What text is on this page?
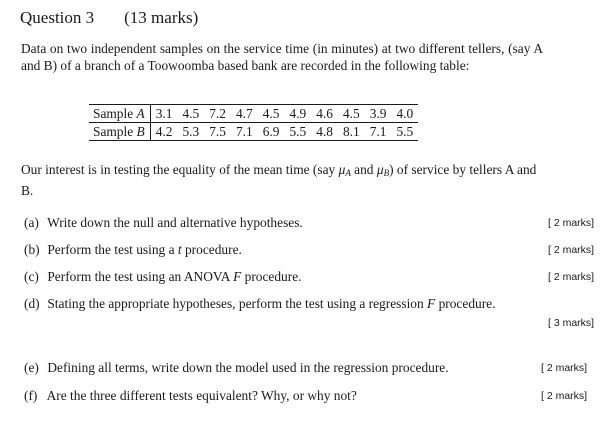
Question 3 (13 marks)
Data on two independent samples on the service time (in minutes) at two different tellers, (say A and B) of a branch of a Toowoomba based bank are recorded in the following table:
Sample A	3.1	4.5	7.2	4.7	4.5	4.9	4.6	4.5	3.9	4.0
Sample B	4.2	5.3	7.5	7.1	6.9	5.5	4.8	8.1	7.1	5.5
Our interest is in testing the equality of the mean time (say $\mu_A$ and $\mu_B$) of service by tellers A and B.
(a) Write down the null and alternative hypotheses.	[ 2 marks]
(b) Perform the test using a t procedure.	[ 2 marks]
(c) Perform the test using an ANOVA F procedure.	[ 2 marks]
(d) Stating the appropriate hypotheses, perform the test using a regression F procedure.
[ 3 marks]
(e) Defining all terms, write down the model used in the regression procedure.	[ 2 marks]
(f) Are the three different tests equivalent? Why, or why not?	[ 2 marks]
